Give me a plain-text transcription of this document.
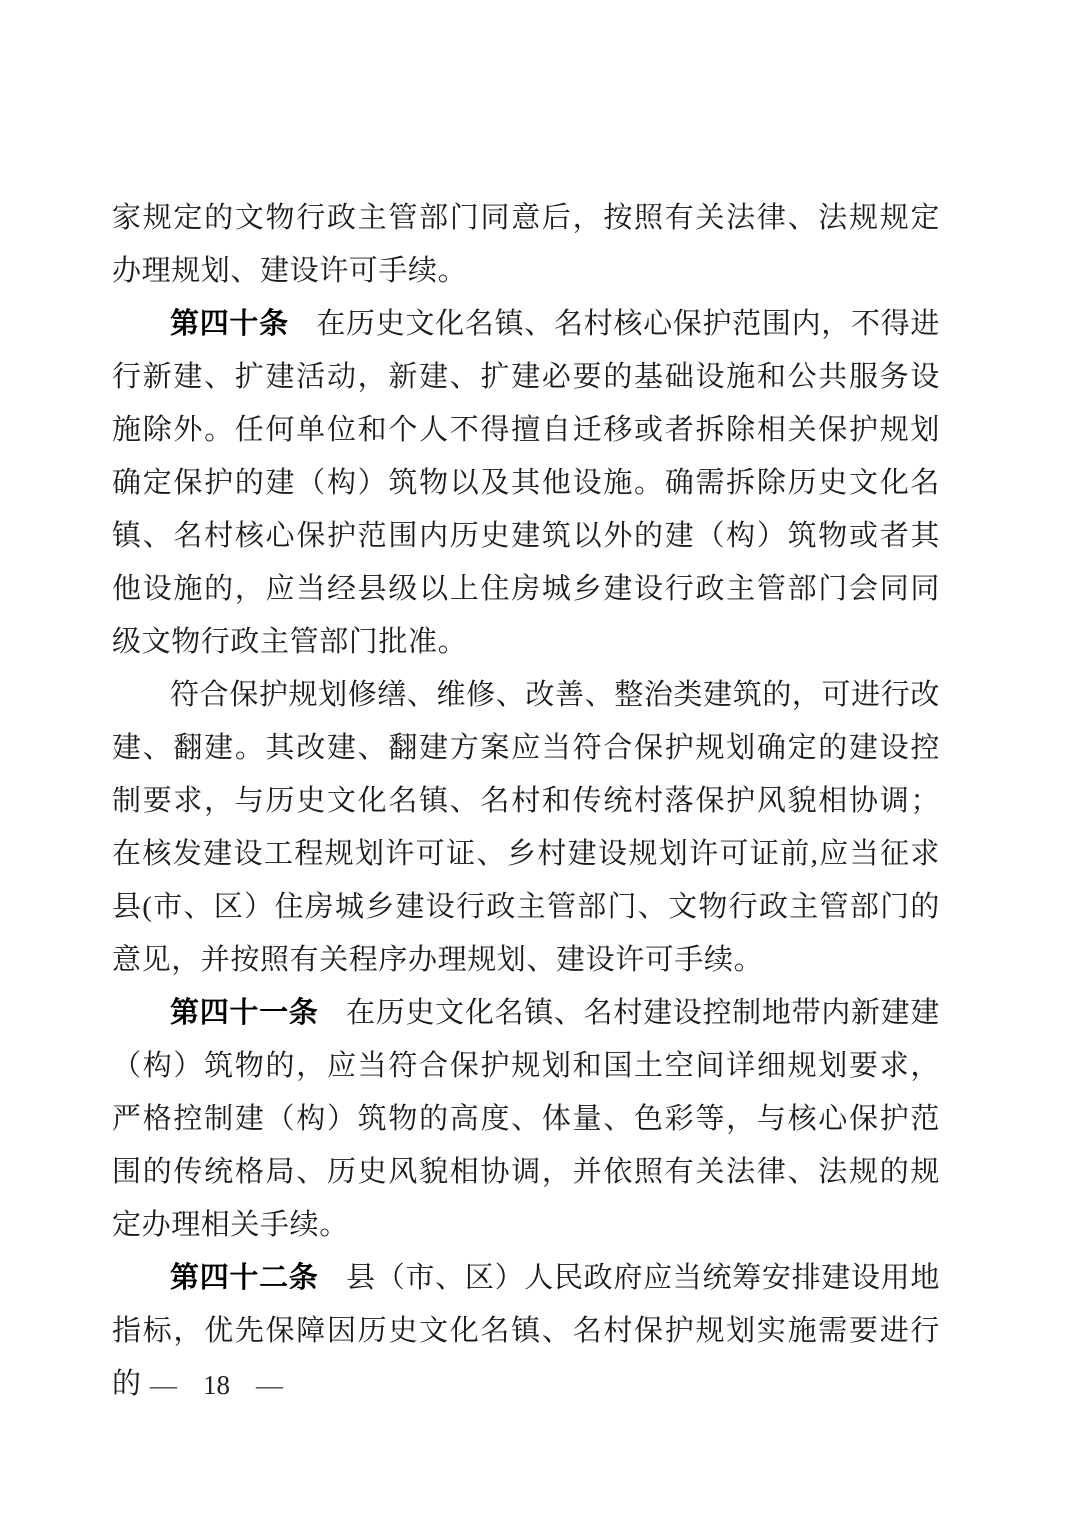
家规定的文物行政主管部门同意后，按照有关法律、法规规定办理规划、建设许可手续。

第四十条 在历史文化名镇、名村核心保护范围内，不得进行新建、扩建活动，新建、扩建必要的基础设施和公共服务设施除外。任何单位和个人不得擅自迁移或者拆除相关保护规划确定保护的建（构）筑物以及其他设施。确需拆除历史文化名镇、名村核心保护范围内历史建筑以外的建（构）筑物或者其他设施的，应当经县级以上住房城乡建设行政主管部门会同同级文物行政主管部门批准。

符合保护规划修缮、维修、改善、整治类建筑的，可进行改建、翻建。其改建、翻建方案应当符合保护规划确定的建设控制要求，与历史文化名镇、名村和传统村落保护风貌相协调；在核发建设工程规划许可证、乡村建设规划许可证前,应当征求县(市、区）住房城乡建设行政主管部门、文物行政主管部门的意见，并按照有关程序办理规划、建设许可手续。

第四十一条 在历史文化名镇、名村建设控制地带内新建建（构）筑物的，应当符合保护规划和国土空间详细规划要求，严格控制建（构）筑物的高度、体量、色彩等，与核心保护范围的传统格局、历史风貌相协调，并依照有关法律、法规的规定办理相关手续。

第四十二条 县（市、区）人民政府应当统筹安排建设用地指标，优先保障因历史文化名镇、名村保护规划实施需要进行的 — 18 —
